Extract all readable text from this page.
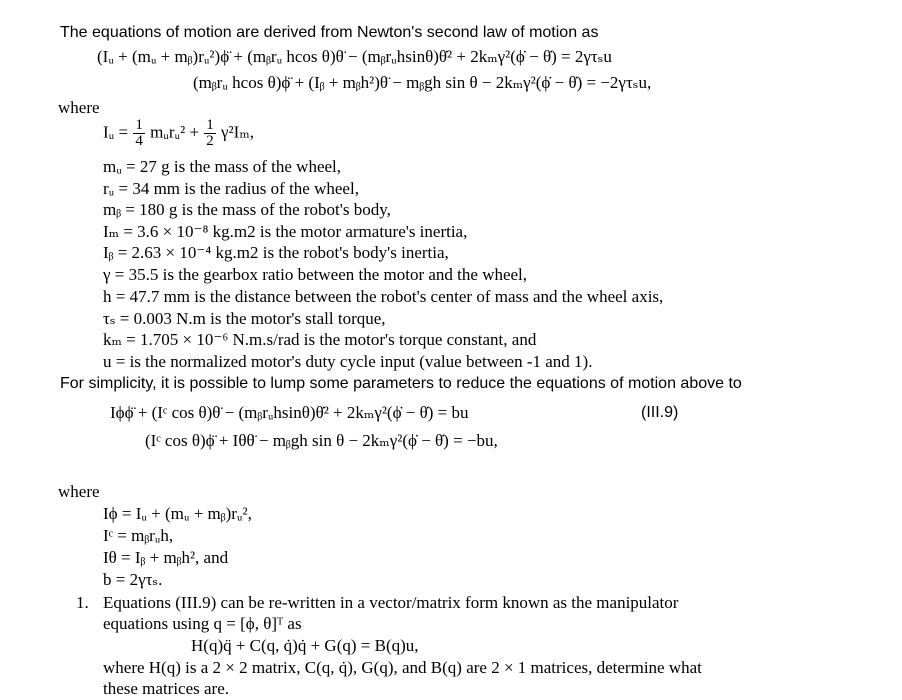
The equations of motion are derived from Newton's second law of motion as
(Iᵤ + (mᵤ + mᵦ)rᵤ²)ϕ̈ + (mᵦrᵤ hcos θ)θ̈ − (mᵦrᵤhsinθ)θ̇² + 2kₘγ²(ϕ̇ − θ̇) = 2γτₛu
(mᵦrᵤ hcos θ)ϕ̈ + (Iᵦ + mᵦh²)θ̈ − mᵦgh sin θ − 2kₘγ²(ϕ̇ − θ̇) = −2γτₛu,
where
Iᵤ = $\frac{1}{4}$ mᵤrᵤ² + $\frac{1}{2} \gamma^2I_m$,
mᵤ = 27 g is the mass of the wheel,
rᵤ = 34 mm is the radius of the wheel,
mᵦ = 180 g is the mass of the robot's body,
Iₘ = 3.6 × 10⁻⁸ kg.m2 is the motor armature's inertia,
Iᵦ = 2.63 × 10⁻⁴ kg.m2 is the robot's body's inertia,
γ = 35.5 is the gearbox ratio between the motor and the wheel,
h = 47.7 mm is the distance between the robot's center of mass and the wheel axis,
τₛ = 0.003 N.m is the motor's stall torque,
kₘ = 1.705 × 10⁻⁶ N.m.s/rad is the motor's torque constant, and
u = is the normalized motor's duty cycle input (value between -1 and 1).
For simplicity, it is possible to lump some parameters to reduce the equations of motion above to
Iϕϕ̈ + (Iᶜ cos θ)θ̈ − (mᵦrᵤhsinθ)θ̇² + 2kₘγ²(ϕ̇ − θ̇) = bu	(III.9)
(Iᶜ cos θ)ϕ̈ + Iθθ̈ − mᵦgh sin θ − 2kₘγ²(ϕ̇ − θ̇) = −bu,
where
Iϕ = Iᵤ + (mᵤ + mᵦ)rᵤ²,
Iᶜ = mᵦrᵤh,
Iθ = Iᵦ + mᵦh², and
b = 2γτₛ.
1. Equations (III.9) can be re-written in a vector/matrix form known as the manipulator
equations using q = [ϕ, θ]ᵀ as
H(q)q̈ + C(q, q̇)q̇ + G(q) = B(q)u,
where H(q) is a 2 × 2 matrix, C(q, q̇), G(q), and B(q) are 2 × 1 matrices, determine what
these matrices are.
